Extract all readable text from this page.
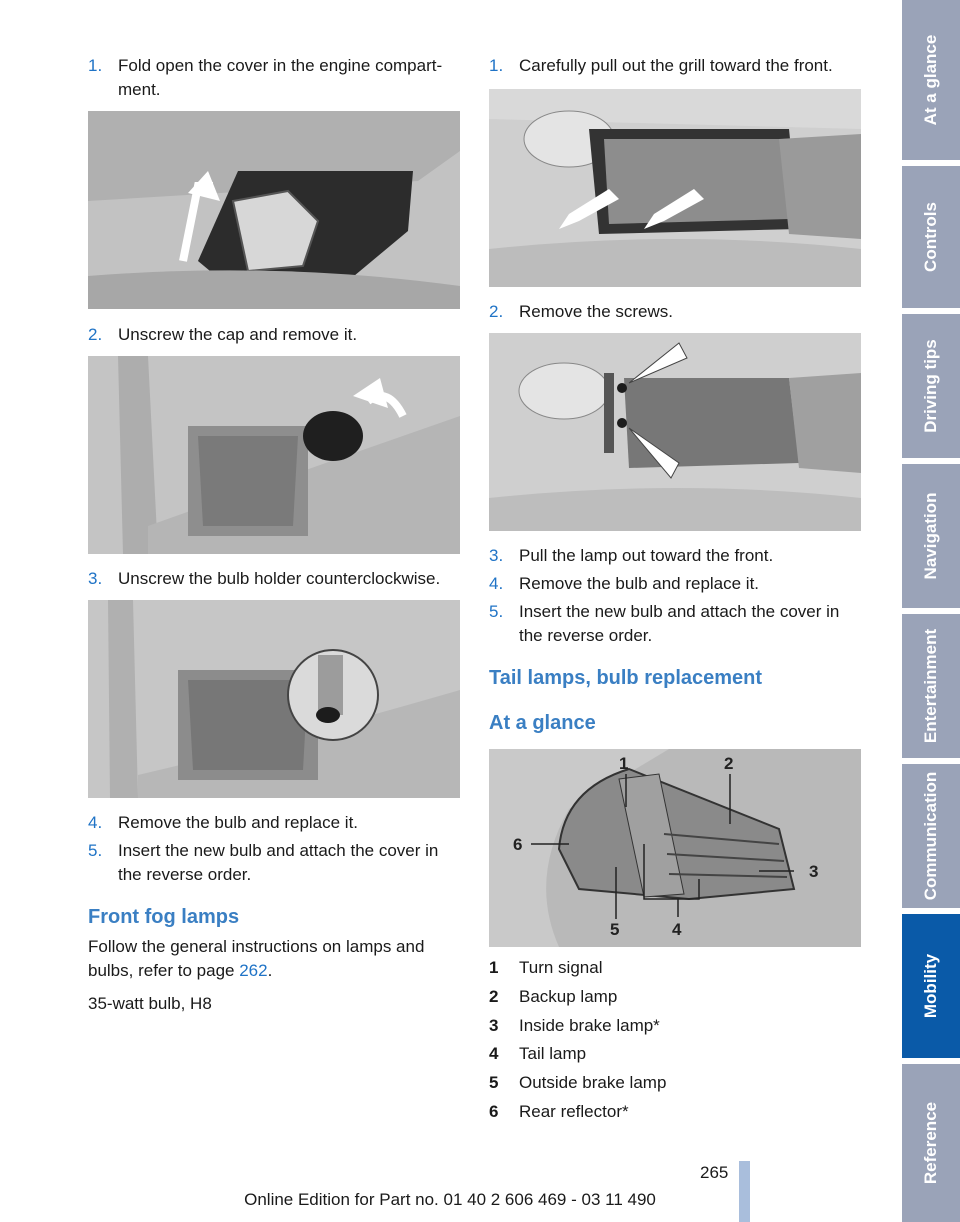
1. Fold open the cover in the engine compart‐
ment.
2. Unscrew the cap and remove it.
3. Unscrew the bulb holder counterclockwise.
4. Remove the bulb and replace it.
5. Insert the new bulb and attach the cover in
the reverse order.
Front fog lamps
Follow the general instructions on lamps and
bulbs, refer to page 262.
35-watt bulb, H8
1. Carefully pull out the grill toward the front.
2. Remove the screws.
3. Pull the lamp out toward the front.
4. Remove the bulb and replace it.
5. Insert the new bulb and attach the cover in
the reverse order.
Tail lamps, bulb replacement
At a glance
1	2
3
4
5
6
1 Turn signal
2 Backup lamp
3 Inside brake lamp*
4 Tail lamp
5 Outside brake lamp
6 Rear reflector*
At a glance
Controls
Driving tips
Navigation
Entertainment
Communication
Mobility
Reference
265
Online Edition for Part no. 01 40 2 606 469 - 03 11 490
